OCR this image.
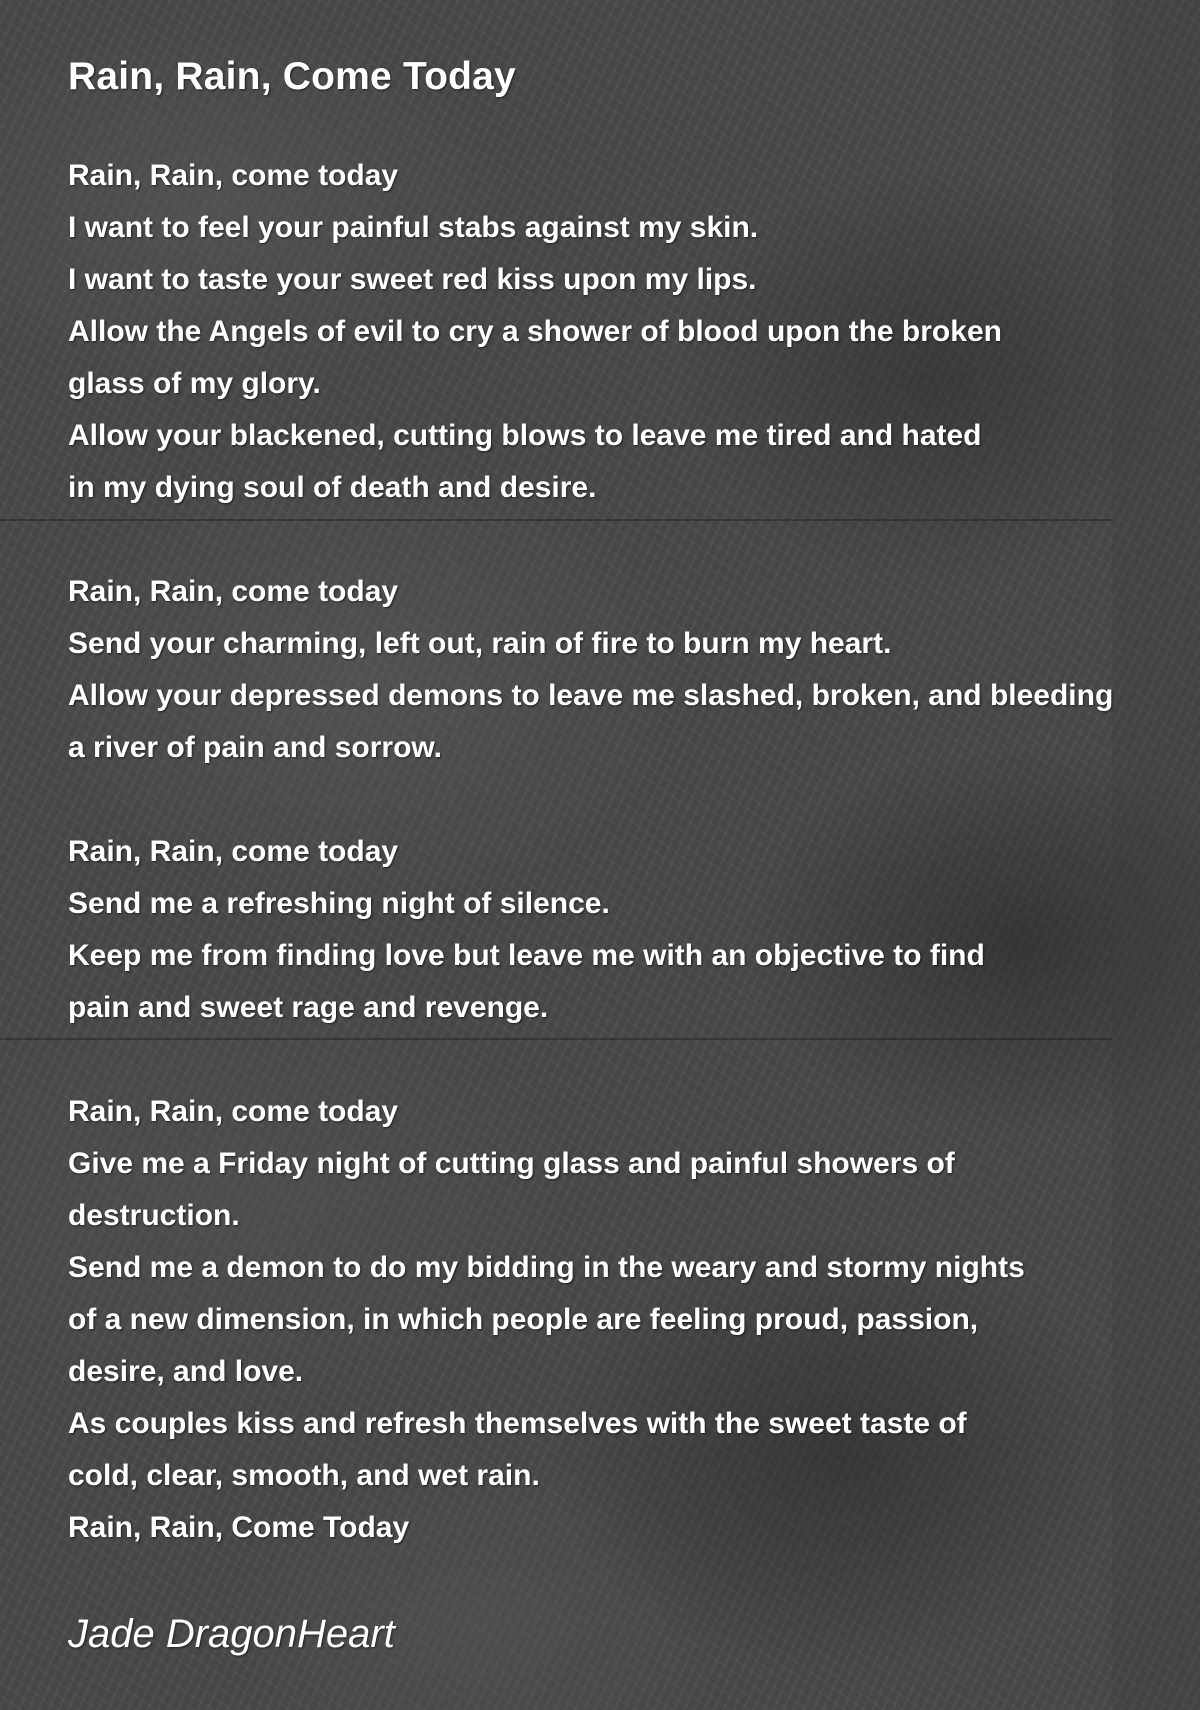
Rain, Rain, Come Today

Rain, Rain, come today
I want to feel your painful stabs against my skin.
I want to taste your sweet red kiss upon my lips.
Allow the Angels of evil to cry a shower of blood upon the broken
glass of my glory.
Allow your blackened, cutting blows to leave me tired and hated
in my dying soul of death and desire.

Rain, Rain, come today
Send your charming, left out, rain of fire to burn my heart.
Allow your depressed demons to leave me slashed, broken, and bleeding
a river of pain and sorrow.

Rain, Rain, come today
Send me a refreshing night of silence.
Keep me from finding love but leave me with an objective to find
pain and sweet rage and revenge.

Rain, Rain, come today
Give me a Friday night of cutting glass and painful showers of
destruction.
Send me a demon to do my bidding in the weary and stormy nights
of a new dimension, in which people are feeling proud, passion,
desire, and love.
As couples kiss and refresh themselves with the sweet taste of
cold, clear, smooth, and wet rain.
Rain, Rain, Come Today

Jade DragonHeart
